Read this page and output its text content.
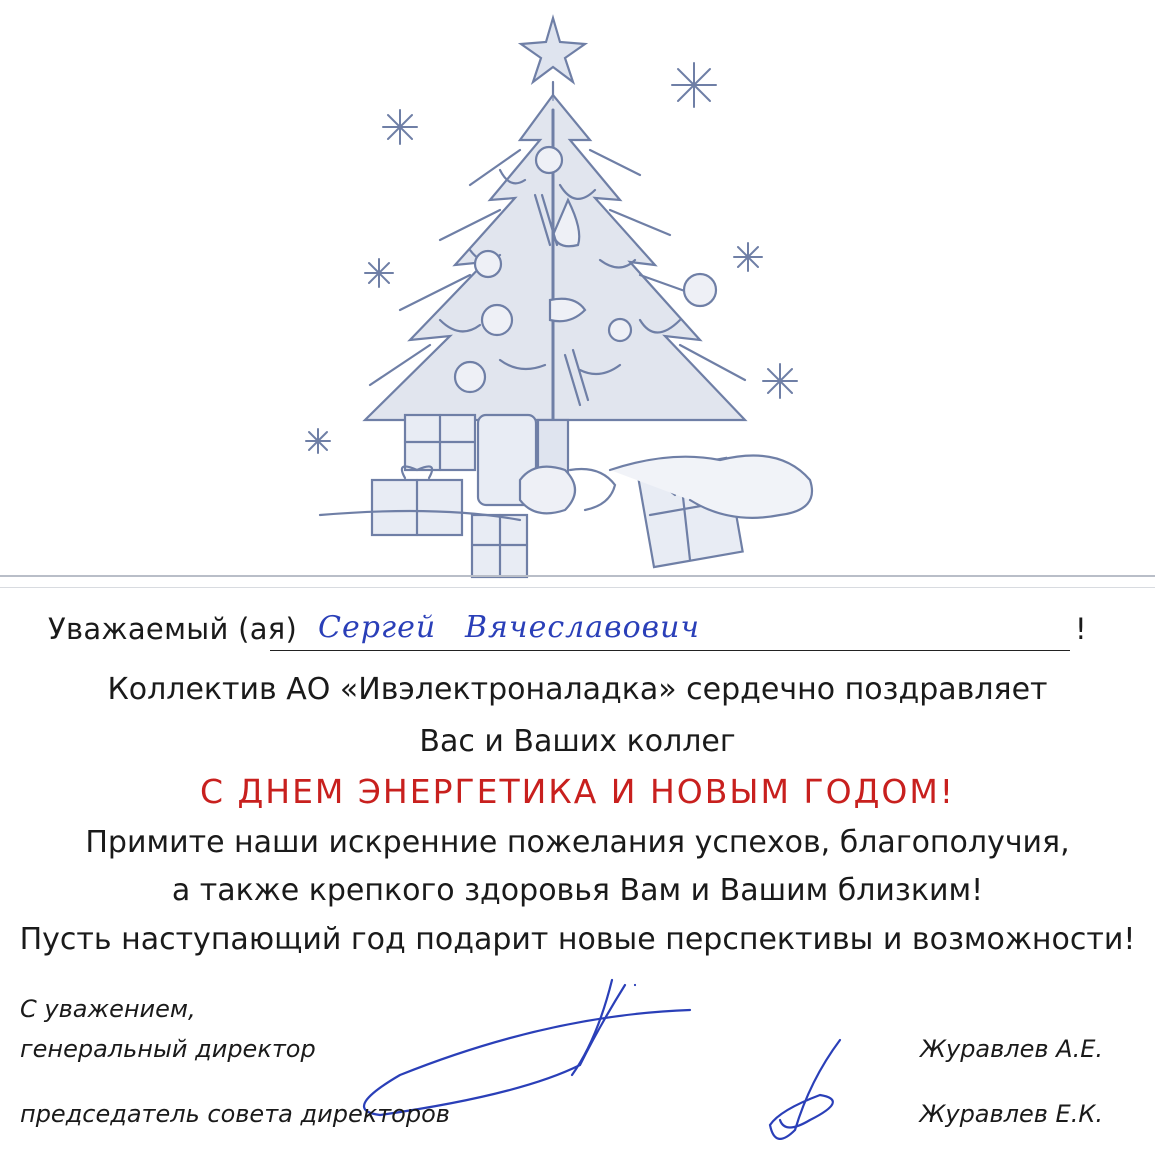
Уважаемый (ая) Сергей Вячеславович	!
Коллектив АО «Ивэлектроналадка» сердечно поздравляет
Вас и Ваших коллег
С ДНЕМ ЭНЕРГЕТИКА И НОВЫМ ГОДОМ!
Примите наши искренние пожелания успехов, благополучия,
а также крепкого здоровья Вам и Вашим близким!
Пусть наступающий год подарит новые перспективы и возможности!
С уважением,
генеральный директор
председатель совета директоров
Журавлев А.Е.
Журавлев Е.К.
